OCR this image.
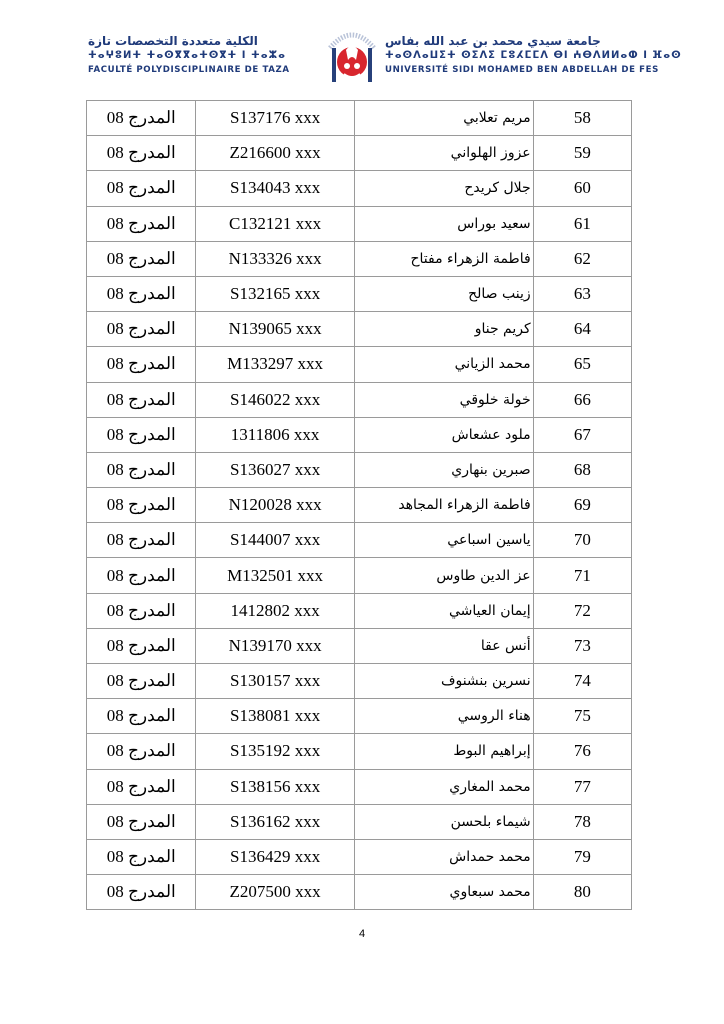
الكلية متعددة التخصصات تازة
ⵜⴰⵖⵓⵍⵜ ⵜⴰⵙⴳⴳⴰⵜⵙⴳⵜ ⵏ ⵜⴰⵣⴰ
FACULTÉ POLYDISCIPLINAIRE DE TAZA
جامعة سيدي محمد بن عبد الله بفاس
ⵜⴰⵙⴷⴰⵡⵉⵜ ⵙⵉⴷⵉ ⵎⵓⵃⵎⵎⴷ ⴱⵏ ⵄⴱⴷⵍⵍⴰⵀ ⵏ ⴼⴰⵙ
UNIVERSITÉ SIDI MOHAMED BEN ABDELLAH DE FES
المدرج 08	S137176 xxx	مريم تعلابي	58
المدرج 08	Z216600 xxx	عزوز الهلواني	59
المدرج 08	S134043 xxx	جلال كريدح	60
المدرج 08	C132121 xxx	سعيد بوراس	61
المدرج 08	N133326 xxx	فاطمة الزهراء مفتاح	62
المدرج 08	S132165 xxx	زينب صالح	63
المدرج 08	N139065 xxx	كريم جناو	64
المدرج 08	M133297 xxx	محمد الزياني	65
المدرج 08	S146022 xxx	خولة خلوقي	66
المدرج 08	1311806 xxx	ملود عشعاش	67
المدرج 08	S136027 xxx	صبرين بنهاري	68
المدرج 08	N120028 xxx	فاطمة الزهراء المجاهد	69
المدرج 08	S144007 xxx	ياسين اسباعي	70
المدرج 08	M132501 xxx	عز الدين طاوس	71
المدرج 08	1412802 xxx	إيمان العياشي	72
المدرج 08	N139170 xxx	أنس عقا	73
المدرج 08	S130157 xxx	نسرين بنشنوف	74
المدرج 08	S138081 xxx	هناء الروسي	75
المدرج 08	S135192 xxx	إبراهيم البوط	76
المدرج 08	S138156 xxx	محمد المغاري	77
المدرج 08	S136162 xxx	شيماء بلحسن	78
المدرج 08	S136429 xxx	محمد حمداش	79
المدرج 08	Z207500 xxx	محمد سبعاوي	80
4
